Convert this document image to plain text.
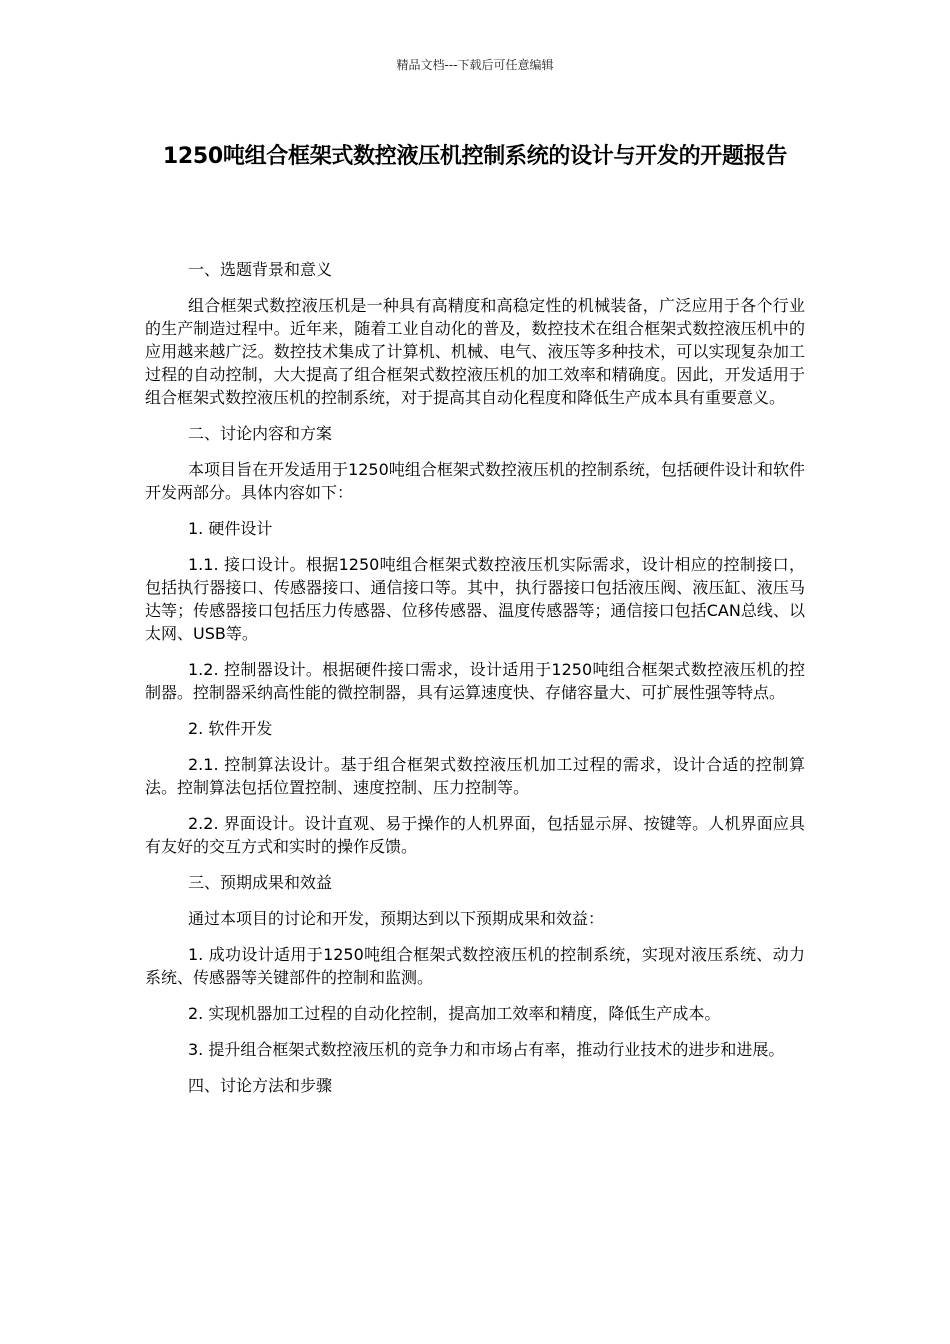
精品文档---下载后可任意编辑
1250吨组合框架式数控液压机控制系统的设计与开发的开题报告

一、选题背景和意义

组合框架式数控液压机是一种具有高精度和高稳定性的机械装备，广泛应用于各个行业的生产制造过程中。近年来，随着工业自动化的普及，数控技术在组合框架式数控液压机中的应用越来越广泛。数控技术集成了计算机、机械、电气、液压等多种技术，可以实现复杂加工过程的自动控制，大大提高了组合框架式数控液压机的加工效率和精确度。因此，开发适用于组合框架式数控液压机的控制系统，对于提高其自动化程度和降低生产成本具有重要意义。

二、讨论内容和方案

本项目旨在开发适用于1250吨组合框架式数控液压机的控制系统，包括硬件设计和软件开发两部分。具体内容如下：

1. 硬件设计

1.1. 接口设计。根据1250吨组合框架式数控液压机实际需求，设计相应的控制接口，包括执行器接口、传感器接口、通信接口等。其中，执行器接口包括液压阀、液压缸、液压马达等；传感器接口包括压力传感器、位移传感器、温度传感器等；通信接口包括CAN总线、以太网、USB等。

1.2. 控制器设计。根据硬件接口需求，设计适用于1250吨组合框架式数控液压机的控制器。控制器采纳高性能的微控制器，具有运算速度快、存储容量大、可扩展性强等特点。

2. 软件开发

2.1. 控制算法设计。基于组合框架式数控液压机加工过程的需求，设计合适的控制算法。控制算法包括位置控制、速度控制、压力控制等。

2.2. 界面设计。设计直观、易于操作的人机界面，包括显示屏、按键等。人机界面应具有友好的交互方式和实时的操作反馈。

三、预期成果和效益

通过本项目的讨论和开发，预期达到以下预期成果和效益：

1. 成功设计适用于1250吨组合框架式数控液压机的控制系统，实现对液压系统、动力系统、传感器等关键部件的控制和监测。

2. 实现机器加工过程的自动化控制，提高加工效率和精度，降低生产成本。

3. 提升组合框架式数控液压机的竞争力和市场占有率，推动行业技术的进步和进展。

四、讨论方法和步骤
